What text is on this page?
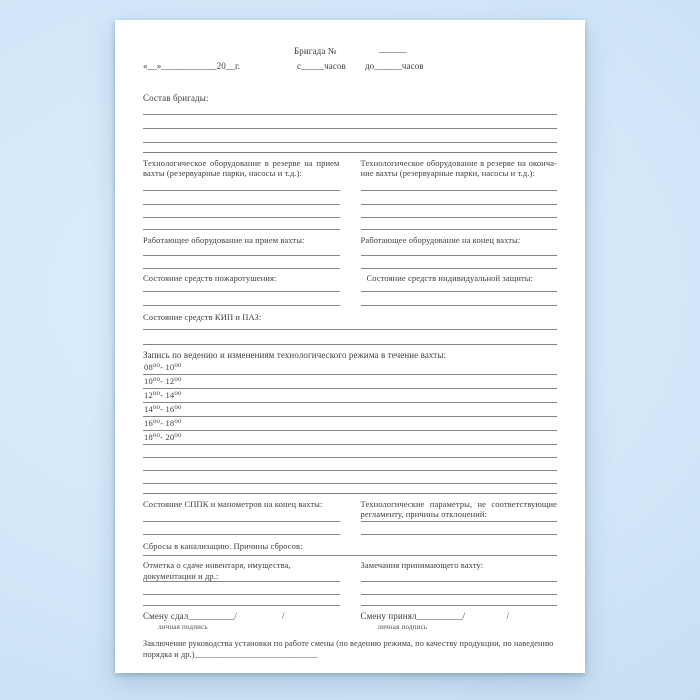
Бригада №	______
«__»____________20__г.	с_____часов до______часов
Состав бригады:
Технологическое оборудование в резерве на прием вахты (резервуарные парки, насосы и т.д.):
Технологическое оборудование в резерве на оконча-ние вахты (резервуарные парки, насосы и т.д.):
Работающее оборудование на прием вахты:	Работающее оборудование на конец вахты:
Состояние средств пожаротушения:	Состояние средств индивидуальной защиты:
Состояние средств КИП и ПАЗ:
Запись по ведению и изменениям технологического режима в течение вахты:
08⁰⁰- 10⁰⁰
10⁰⁰- 12⁰⁰
12⁰⁰- 14⁰⁰
14⁰⁰- 16⁰⁰
16⁰⁰- 18⁰⁰
18⁰⁰- 20⁰⁰
Состояние СППК и манометров на конец вахты:	Технологические параметры, не соответствующие регламенту, причины отклонений:
Сбросы в канализацию. Причины сбросов:
Отметка о сдаче инвентаря, имущества, документации и др.:
Замечания принимающего вахту:
Смену сдал__________/	/	Смену принял__________/	/
личная подпись	личная подпись
Заключение руководства установки по работе смены (по ведению режима, по качеству продукции, по наведению порядка и др.)_____________________________
